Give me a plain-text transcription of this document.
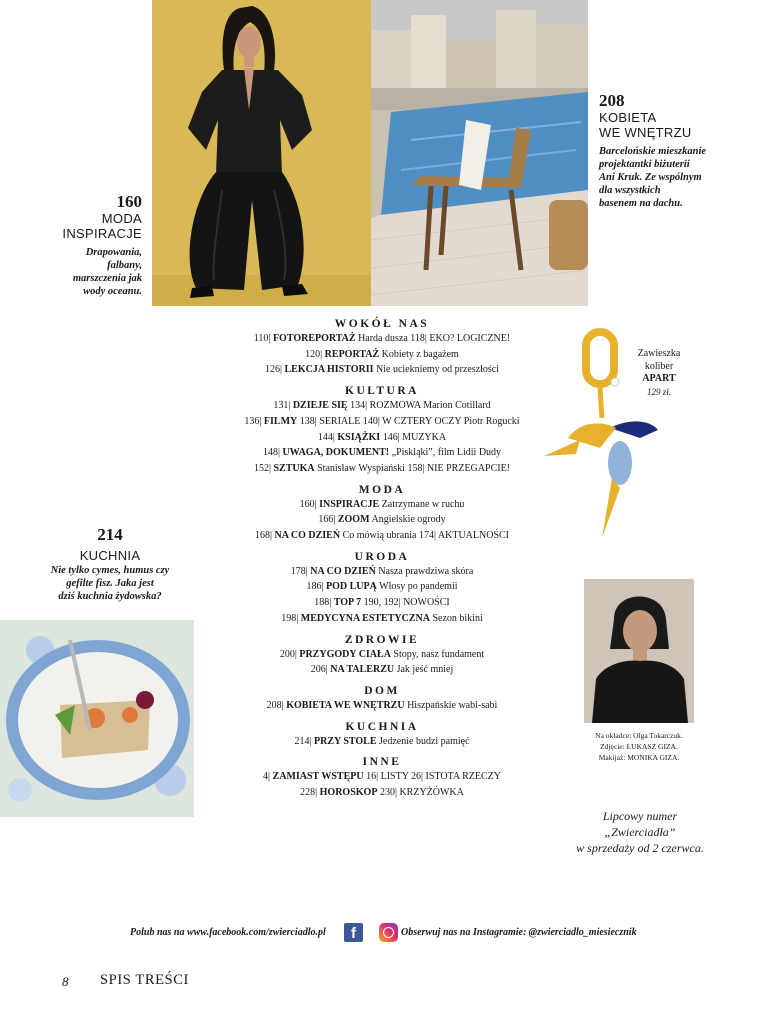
160
MODA
INSPIRACJE
Drapowania,
falbany,
marszczenia jak
wody oceanu.
208
KOBIETA
WE WNĘTRZU
Barcelońskie mieszkanie
projektantki biżuterii
Ani Kruk. Ze wspólnym
dla wszystkich
basenem na dachu.
214
KUCHNIA
Nie tylko cymes, humus czy
gefilte fisz. Jaka jest
dziś kuchnia żydowska?
Zawieszka
koliber
APART
129 zł.
Na okładce: Olga Tokarczuk.
Zdjęcie: ŁUKASZ GIZA.
Makijaż: MONIKA GIZA.
Lipcowy numer
„Zwierciadła”
w sprzedaży od 2 czerwca.
WOKÓŁ NAS
110| FOTOREPORTAŻ Harda dusza 118| EKO? LOGICZNE!
120| REPORTAŻ Kobiety z bagażem
126| LEKCJA HISTORII Nie uciekniemy od przeszłości
KULTURA
131| DZIEJE SIĘ 134| ROZMOWA Marion Cotillard
136| FILMY 138| SERIALE 140| W CZTERY OCZY Piotr Rogucki
144| KSIĄŻKI 146| MUZYKA
148| UWAGA, DOKUMENT! „Piskląki”, film Lidii Dudy
152| SZTUKA Stanisław Wyspiański 158| NIE PRZEGAPCIE!
MODA
160| INSPIRACJE Zatrzymane w ruchu
166| ZOOM Angielskie ogrody
168| NA CO DZIEŃ Co mówią ubrania 174| AKTUALNOŚCI
URODA
178| NA CO DZIEŃ Nasza prawdziwa skóra
186| POD LUPĄ Włosy po pandemii
188| TOP 7 190, 192| NOWOŚCI
198| MEDYCYNA ESTETYCZNA Sezon bikini
ZDROWIE
200| PRZYGODY CIAŁA Stopy, nasz fundament
206| NA TALERZU Jak jeść mniej
DOM
208| KOBIETA WE WNĘTRZU Hiszpańskie wabi-sabi
KUCHNIA
214| PRZY STOLE Jedzenie budzi pamięć
INNE
4| ZAMIAST WSTĘPU 16| LISTY 26| ISTOTA RZECZY
228| HOROSKOP 230| KRZYŻÓWKA
Polub nas na www.facebook.com/zwierciadlo.pl	f	Obserwuj nas na Instagramie: @zwierciadlo_miesiecznik
8 SPIS TREŚCI
